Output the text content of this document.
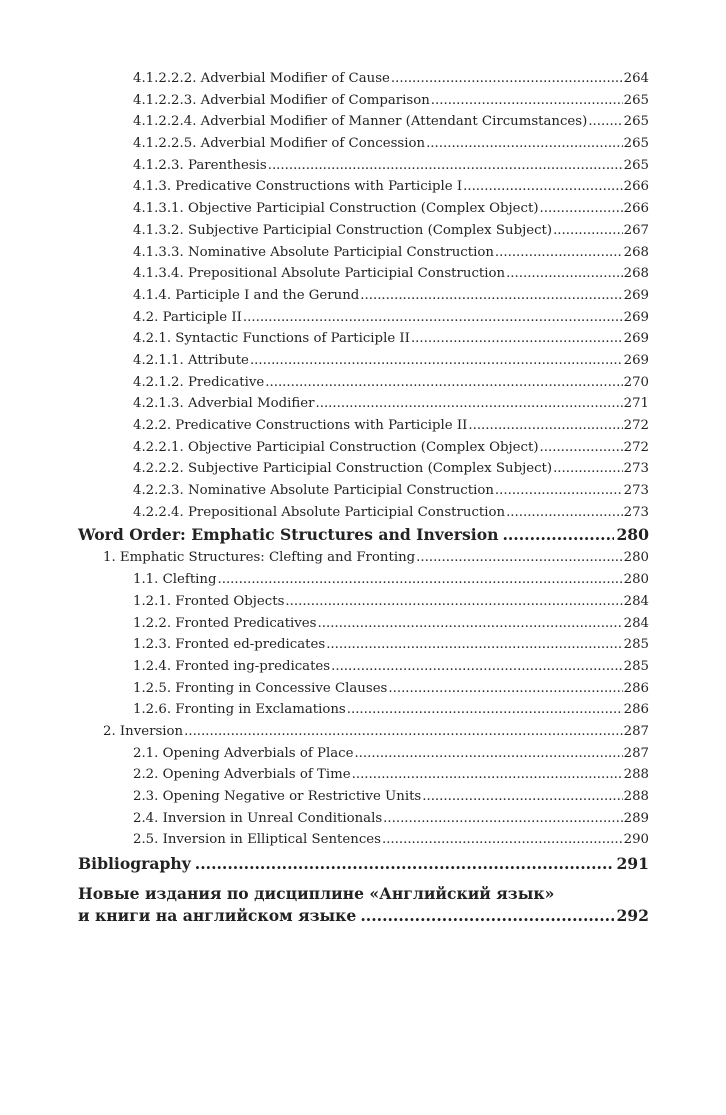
4.1.2.2.2. Adverbial Modifier of Cause .....	264
4.1.2.2.3. Adverbial Modifier of Comparison .....	265
4.1.2.2.4. Adverbial Modifier of Manner (Attendant Circumstances) .....	265
4.1.2.2.5. Adverbial Modifier of Concession .....	265
4.1.2.3. Parenthesis .....	265
4.1.3. Predicative Constructions with Participle I .....	266
4.1.3.1. Objective Participial Construction (Complex Object) .....	266
4.1.3.2. Subjective Participial Construction (Complex Subject) .....	267
4.1.3.3. Nominative Absolute Participial Construction .....	268
4.1.3.4. Prepositional Absolute Participial Construction .....	268
4.1.4. Participle I and the Gerund .....	269
4.2. Participle II .....	269
4.2.1. Syntactic Functions of Participle II .....	269
4.2.1.1. Attribute .....	269
4.2.1.2. Predicative .....	270
4.2.1.3. Adverbial Modifier .....	271
4.2.2. Predicative Constructions with Participle II .....	272
4.2.2.1. Objective Participial Construction (Complex Object) .....	272
4.2.2.2. Subjective Participial Construction (Complex Subject) .....	273
4.2.2.3. Nominative Absolute Participial Construction .....	273
4.2.2.4. Prepositional Absolute Participial Construction .....	273
Word Order: Emphatic Structures and Inversion .....	280
1. Emphatic Structures: Clefting and Fronting .....	280
1.1. Clefting .....	280
1.2.1. Fronted Objects .....	284
1.2.2. Fronted Predicatives .....	284
1.2.3. Fronted ed-predicates .....	285
1.2.4. Fronted ing-predicates .....	285
1.2.5. Fronting in Concessive Clauses .....	286
1.2.6. Fronting in Exclamations .....	286
2. Inversion .....	287
2.1. Opening Adverbials of Place .....	287
2.2. Opening Adverbials of Time .....	288
2.3. Opening Negative or Restrictive Units .....	288
2.4. Inversion in Unreal Conditionals .....	289
2.5. Inversion in Elliptical Sentences .....	290
Bibliography .....	291
Новые издания по дисциплине «Английский язык»
и книги на английском языке .....	292
